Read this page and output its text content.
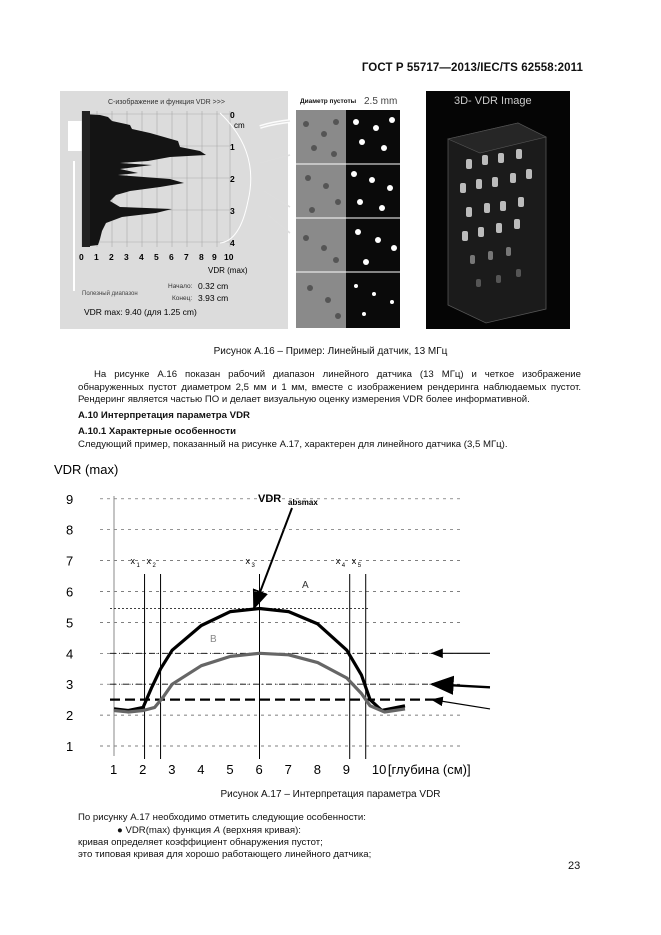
ГОСТ Р 55717—2013/IEC/TS 62558:2011
С-изображение и функция VDR >>>
cm
0
1
2
3
4
0 1 2 3 4 5 6 7 8 9 10
VDR (max)
Полезный диапазон
Начало: 0.32 cm
Конец: 3.93 cm
VDR max: 9.40 (для 1.25 cm)
Диаметр пустоты 2.5 mm	3D- VDR Image
Рисунок А.16 – Пример: Линейный датчик, 13 МГц
На рисунке А.16 показан рабочий диапазон линейного датчика (13 МГц) и четкое изображение обнаруженных пустот диаметром 2,5 мм и 1 мм, вместе с изображением рендеринга наблюдаемых пустот. Рендеринг является частью ПО и делает визуальную оценку измерения VDR более информативной.
А.10 Интерпретация параметра VDR
А.10.1 Характерные особенности
Следующий пример, показанный на рисунке А.17, характерен для линейного датчика (3,5 МГц).
VDR (max)
VDR absmax
x 1 x 2	x 3	x 4 x 5
A
B
1
2
3
4
5
6
7
8
9
1 2 3 4 5 6 7 8 9 10 [глубина (см)]
Рисунок А.17 – Интерпретация параметра VDR
По рисунку А.17 необходимо отметить следующие особенности:
● VDR(max) функция А (верхняя кривая):
кривая определяет коэффициент обнаружения пустот;
это типовая кривая для хорошо работающего линейного датчика;
23
